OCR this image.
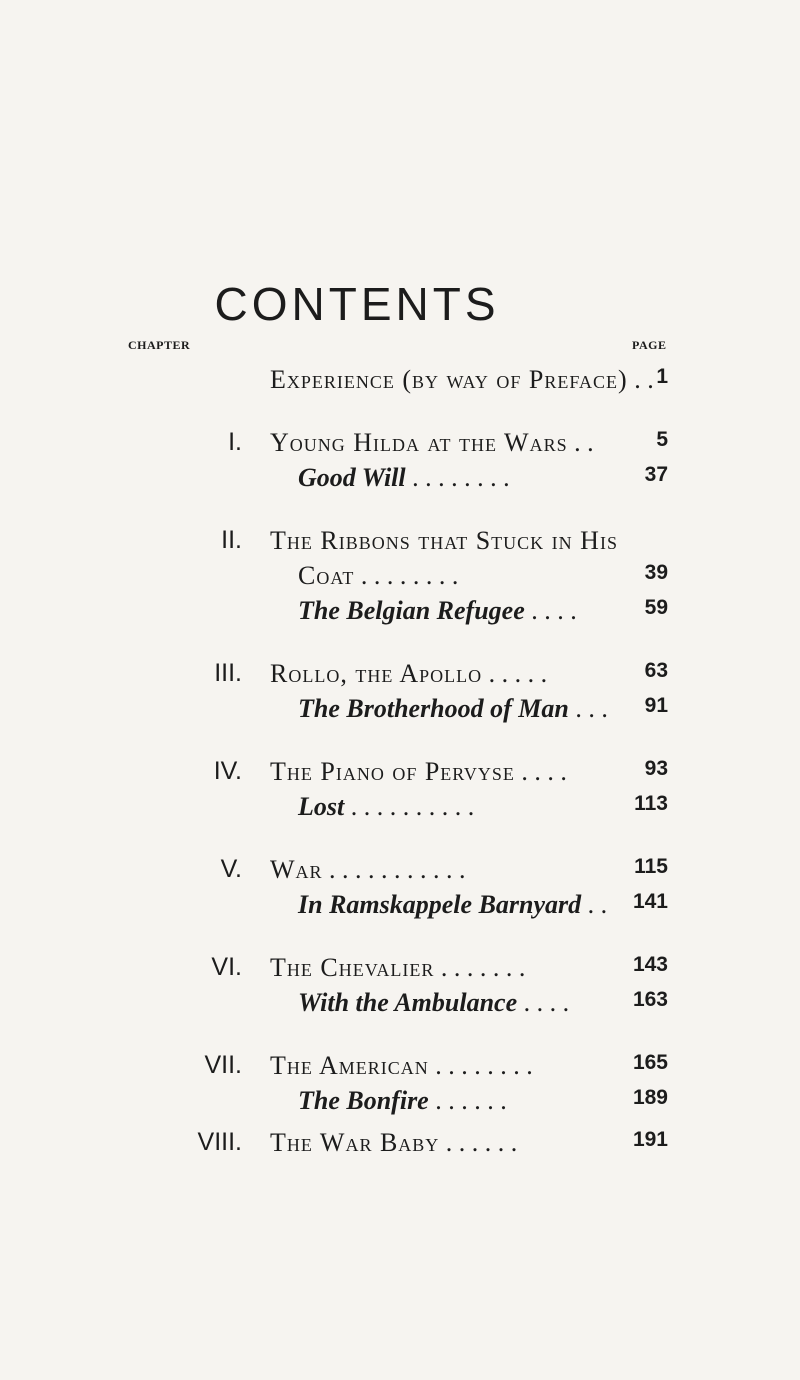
CONTENTS
CHAPTER	PAGE
Experience (by way of Preface) . . 1
I. Young Hilda at the Wars . .	5
Good Will . . . . . . . .	37
II. The Ribbons that Stuck in His
Coat . . . . . . . .	39
The Belgian Refugee . . . .	59
III. Rollo, the Apollo . . . . .	63
The Brotherhood of Man . . .	91
IV. The Piano of Pervyse . . . .	93
Lost . . . . . . . . . .	113
V. War . . . . . . . . . . .	115
In Ramskappele Barnyard . .	141
VI. The Chevalier . . . . . . .	143
With the Ambulance . . . .	163
VII. The American . . . . . . . .	165
The Bonfire . . . . . .	189
VIII. The War Baby . . . . . .	191
